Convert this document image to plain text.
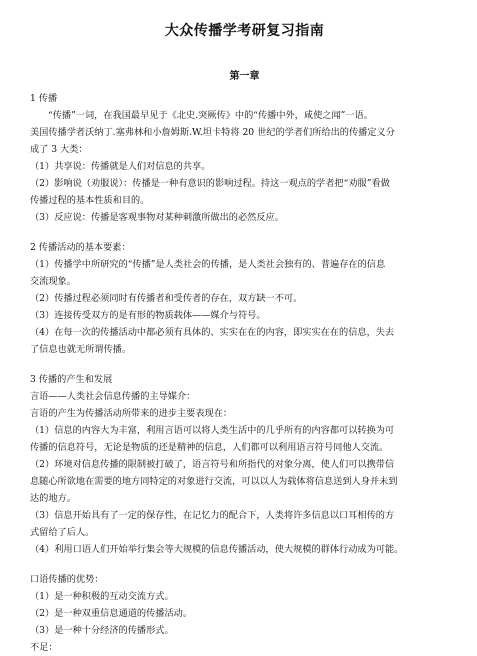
大众传播学考研复习指南
第一章
1 传播
“传播”一词，在我国最早见于《北史.突厥传》中的“传播中外，咸使之闻”一语。
美国传播学者沃纳丁.塞弗林和小詹姆斯.W.坦卡特将 20 世纪的学者们所给出的传播定义分
成了 3 大类：
（1）共享说：传播就是人们对信息的共享。
（2）影响说（劝服说）：传播是一种有意识的影响过程。持这一观点的学者把“劝服”看做
传播过程的基本性质和目的。
（3）反应说：传播是客观事物对某种刺激所做出的必然反应。
2 传播活动的基本要素：
（1）传播学中所研究的“传播”是人类社会的传播，是人类社会独有的、普遍存在的信息
交流现象。
（2）传播过程必须同时有传播者和受传者的存在，双方缺一不可。
（3）连接传受双方的是有形的物质载体——媒介与符号。
（4）在每一次的传播活动中都必须有具体的、实实在在的内容，即实实在在的信息，失去
了信息也就无所谓传播。
3 传播的产生和发展
言语——人类社会信息传播的主导媒介：
言语的产生为传播活动所带来的进步主要表现在：
（1）信息的内容大为丰富，利用言语可以将人类生活中的几乎所有的内容都可以转换为可
传播的信息符号，无论是物质的还是精神的信息，人们都可以利用语言符号同他人交流。
（2）环境对信息传播的限制被打破了，语言符号和所指代的对象分离，使人们可以携带信
息随心所欲地在需要的地方同特定的对象进行交流，可以以人为载体将信息送到人身并未到
达的地方。
（3）信息开始具有了一定的保存性，在记忆力的配合下，人类将许多信息以口耳相传的方
式留给了后人。
（4）利用口语人们开始举行集会等大规模的信息传播活动，使大规模的群体行动成为可能。
口语传播的优势：
（1）是一种积极的互动交流方式。
（2）是一种双重信息通道的传播活动。
（3）是一种十分经济的传播形式。
不足：
